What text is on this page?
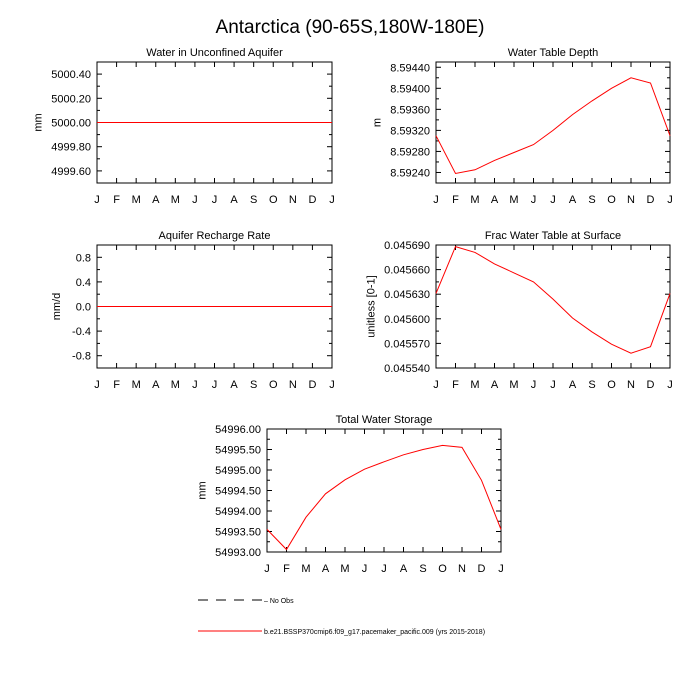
Antarctica (90-65S,180W-180E)
Water in Unconfined Aquifer
J F M A M J J A S O N D J
4999.60
4999.80
5000.00
5000.20
5000.40
mm
Water Table Depth
J F M A M J J A S O N D J
8.59240
8.59280
8.59320
8.59360
8.59400
8.59440
m
Aquifer Recharge Rate
J F M A M J J A S O N D J
-0.8
-0.4
0.0
0.4
0.8
mm/d
Frac Water Table at Surface
J F M A M J J A S O N D J
0.045540
0.045570
0.045600
0.045630
0.045660
0.045690
unitless [0-1]
Total Water Storage
J F M A M J J A S O N D J
54993.00
54993.50
54994.00
54994.50
54995.00
54995.50
54996.00
mm
– No Obs
b.e21.BSSP370cmip6.f09_g17.pacemaker_pacific.009 (yrs 2015-2018)
